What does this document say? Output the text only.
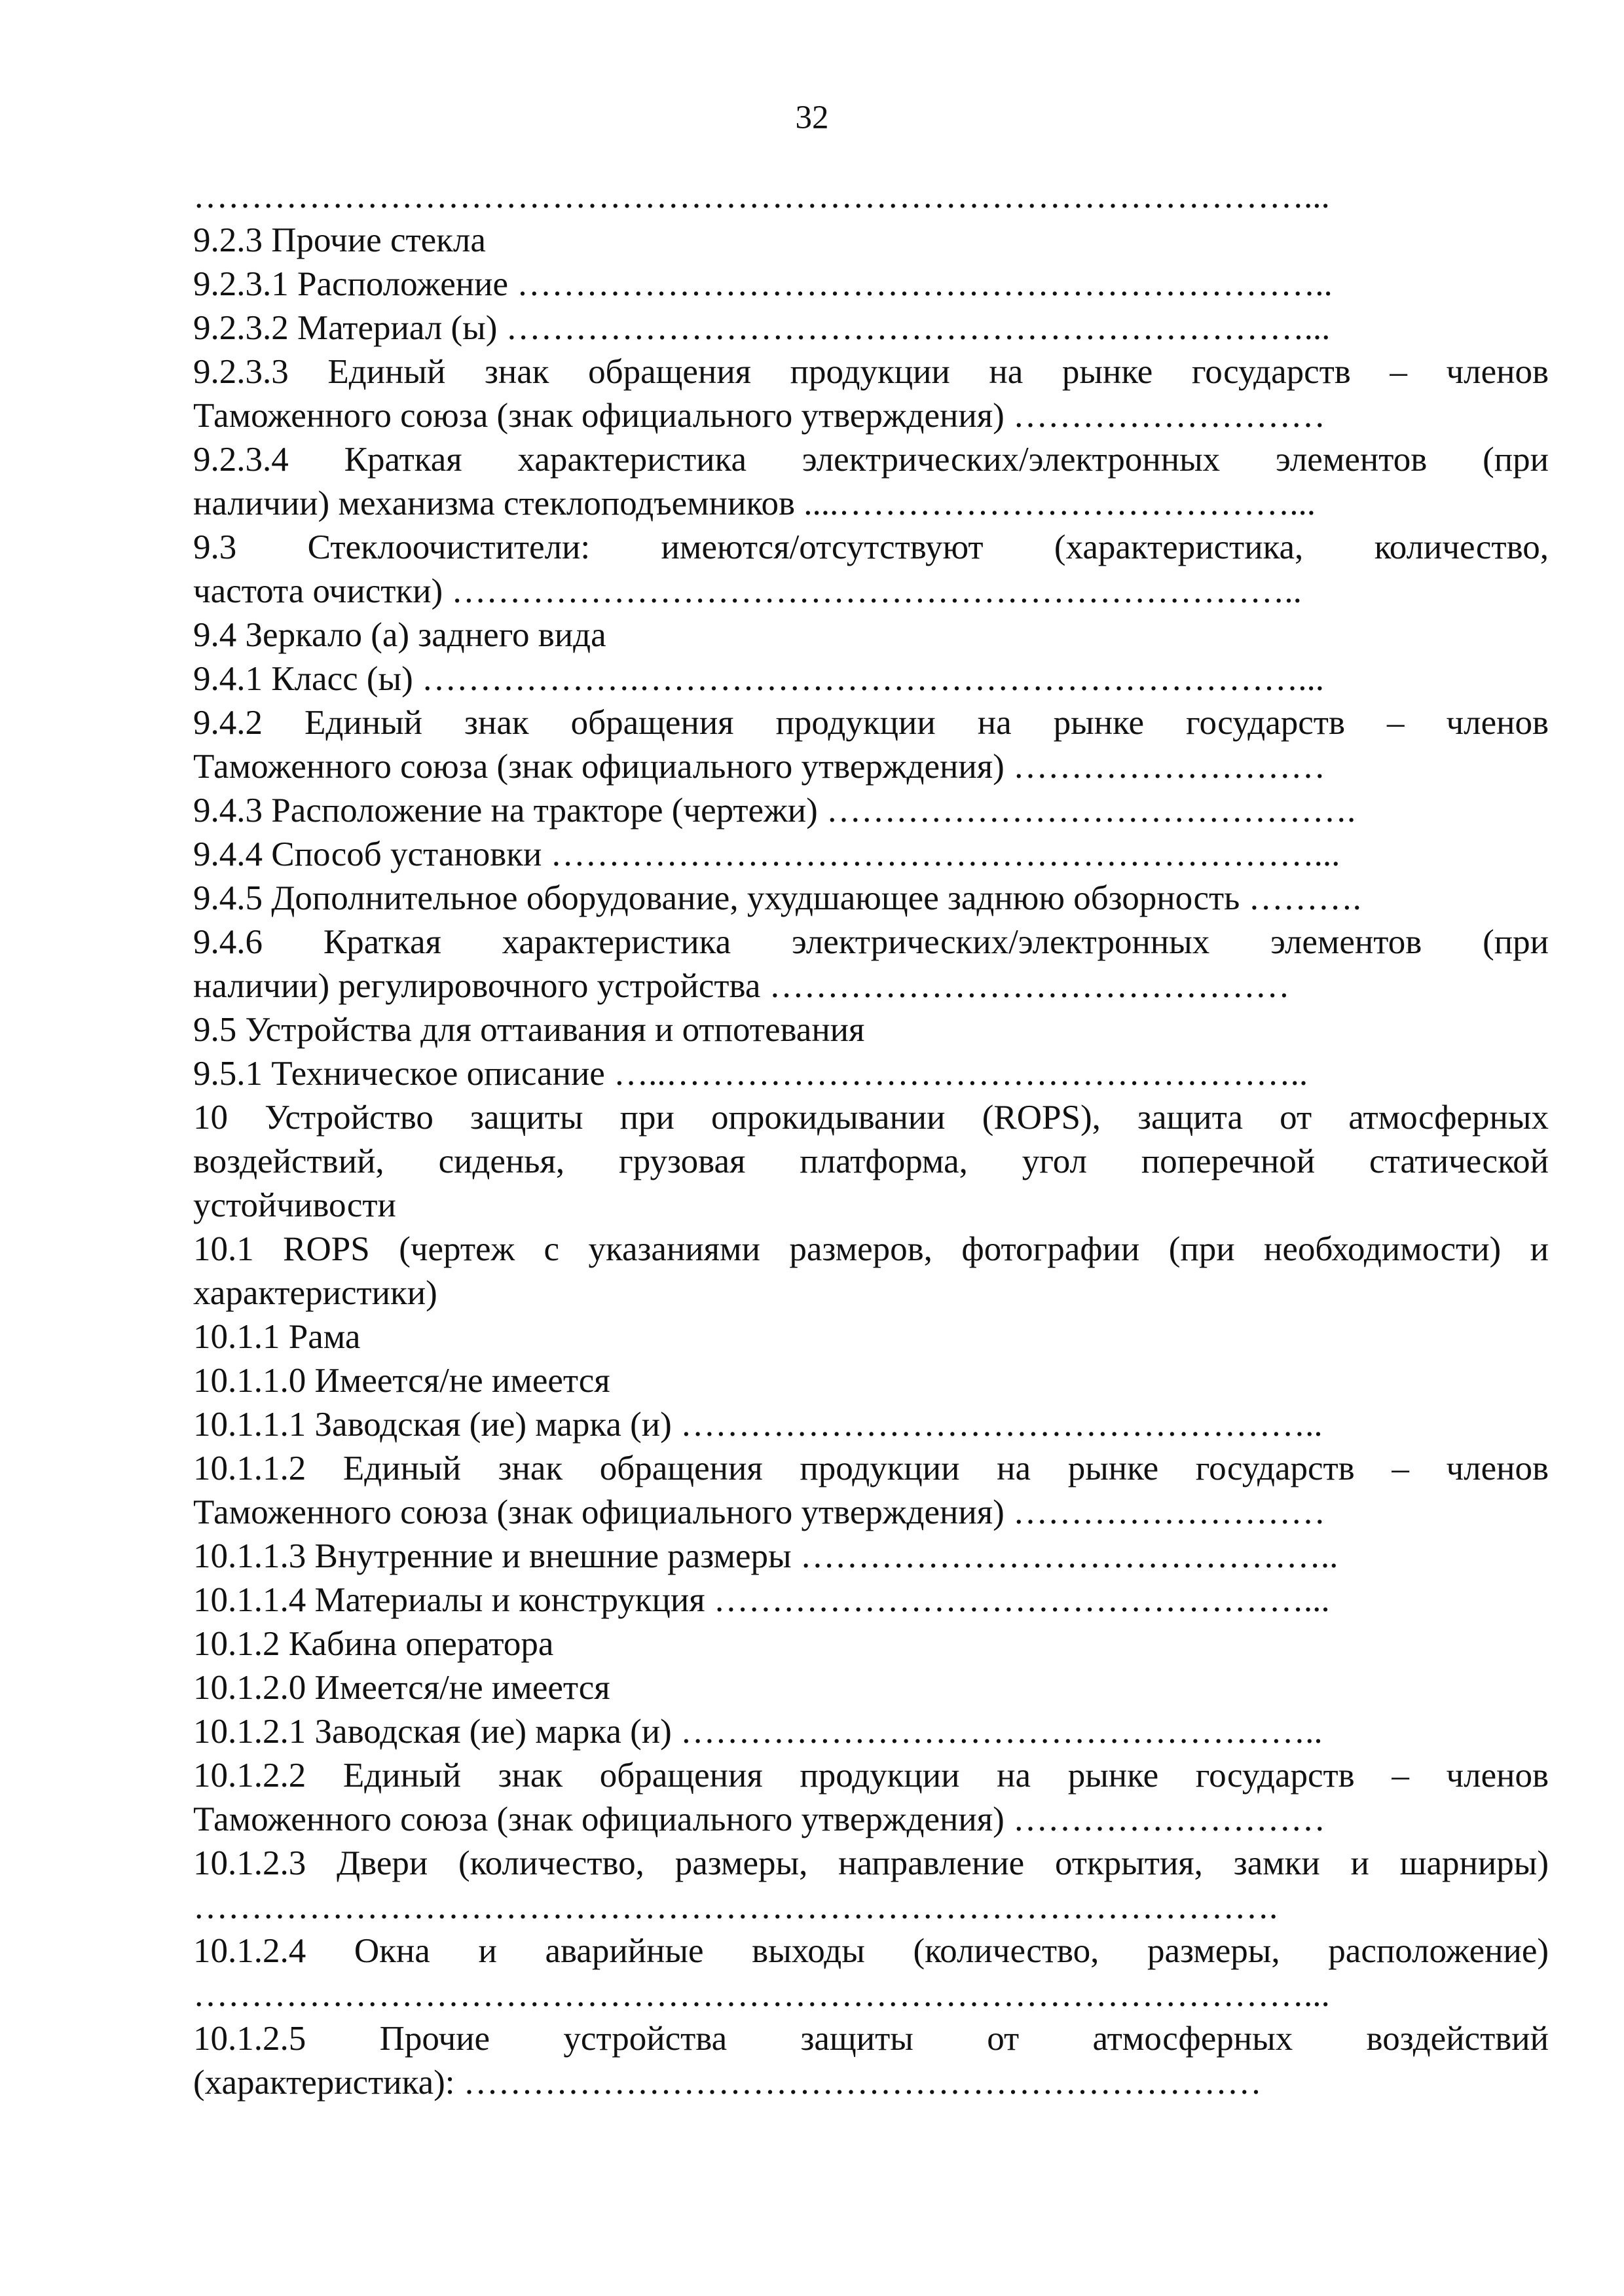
32
……………………………………………………………………………………...
9.2.3 Прочие стекла
9.2.3.1 Расположение ……………………………………………………………..
9.2.3.2 Материал (ы) ……………………………………………………………...
9.2.3.3 Единый знак обращения продукции на рынке государств – членов
Таможенного союза (знак официального утверждения) ………………………
9.2.3.4 Краткая характеристика электрических/электронных элементов (при
наличии) механизма стеклоподъемников ....…………………………………...
9.3 Стеклоочистители: имеются/отсутствуют (характеристика, количество,
частота очистки) ………………………………………………………………..
9.4 Зеркало (а) заднего вида
9.4.1 Класс (ы) ……………….…………………………………………………...
9.4.2 Единый знак обращения продукции на рынке государств – членов
Таможенного союза (знак официального утверждения) ………………………
9.4.3 Расположение на тракторе (чертежи) ……………………………………….
9.4.4 Способ установки …………………………………………………………...
9.4.5 Дополнительное оборудование, ухудшающее заднюю обзорность ……….
9.4.6 Краткая характеристика электрических/электронных элементов (при
наличии) регулировочного устройства ………………………………………
9.5 Устройства для оттаивания и отпотевания
9.5.1 Техническое описание …..………………………………………………..
10 Устройство защиты при опрокидывании (ROPS), защита от атмосферных
воздействий, сиденья, грузовая платформа, угол поперечной статической
устойчивости
10.1 ROPS (чертеж с указаниями размеров, фотографии (при необходимости) и
характеристики)
10.1.1 Рама
10.1.1.0 Имеется/не имеется
10.1.1.1 Заводская (ие) марка (и) ………………………………………………..
10.1.1.2 Единый знак обращения продукции на рынке государств – членов
Таможенного союза (знак официального утверждения) ………………………
10.1.1.3 Внутренние и внешние размеры ………………………………………..
10.1.1.4 Материалы и конструкция ……………………………………………...
10.1.2 Кабина оператора
10.1.2.0 Имеется/не имеется
10.1.2.1 Заводская (ие) марка (и) ………………………………………………..
10.1.2.2 Единый знак обращения продукции на рынке государств – членов
Таможенного союза (знак официального утверждения) ………………………
10.1.2.3 Двери (количество, размеры, направление открытия, замки и шарниры)
………………………………………………………………………………….
10.1.2.4 Окна и аварийные выходы (количество, размеры, расположение)
……………………………………………………………………………………...
10.1.2.5 Прочие устройства защиты от атмосферных воздействий
(характеристика): ……………………………………………………………
